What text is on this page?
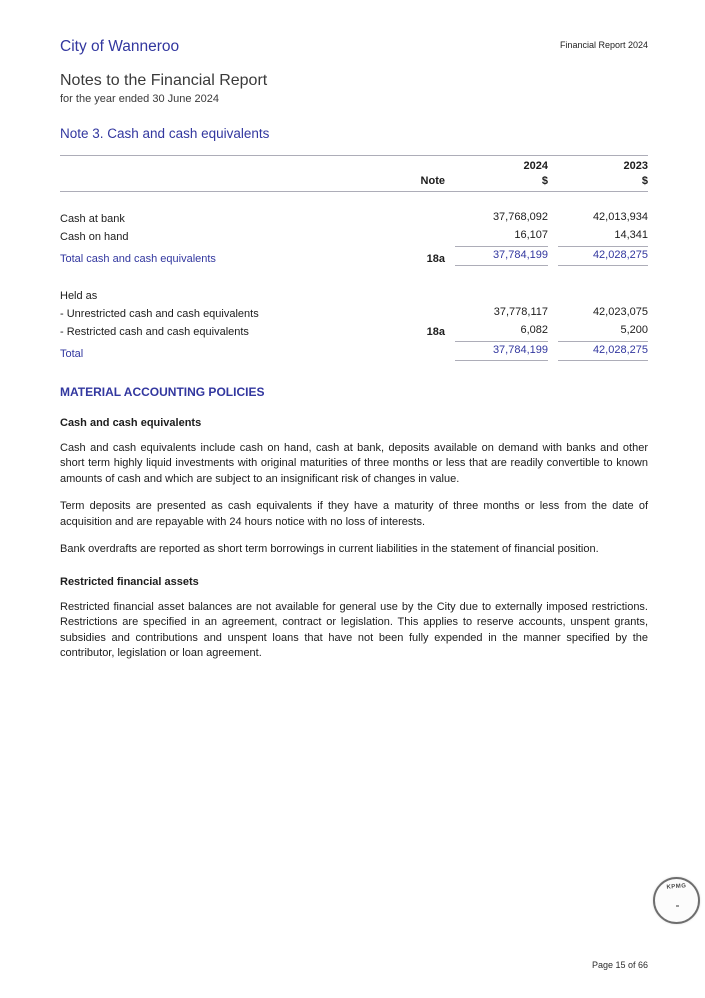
City of Wanneroo	Financial Report 2024
Notes to the Financial Report
for the year ended 30 June 2024
Note 3. Cash and cash equivalents
		2024	2023
	Note	$	$

Cash at bank		37,768,092	42,013,934

Cash on hand		16,107	14,341

Total cash and cash equivalents	18a	37,784,199	42,028,275

Held as		

- Unrestricted cash and cash equivalents		37,778,117	42,023,075

- Restricted cash and cash equivalents	18a	6,082	5,200

Total		37,784,199	42,028,275
MATERIAL ACCOUNTING POLICIES
Cash and cash equivalents

Cash and cash equivalents include cash on hand, cash at bank, deposits available on demand with banks and other short term highly liquid investments with original maturities of three months or less that are readily convertible to known amounts of cash and which are subject to an insignificant risk of changes in value.

Term deposits are presented as cash equivalents if they have a maturity of three months or less from the date of acquisition and are repayable with 24 hours notice with no loss of interests.

Bank overdrafts are reported as short term borrowings in current liabilities in the statement of financial position.

Restricted financial assets

Restricted financial asset balances are not available for general use by the City due to externally imposed restrictions. Restrictions are specified in an agreement, contract or legislation. This applies to reserve accounts, unspent grants, subsidies and contributions and unspent loans that have not been fully expended in the manner specified by the contributor, legislation or loan agreement.

KPMG
Page 15 of 66
